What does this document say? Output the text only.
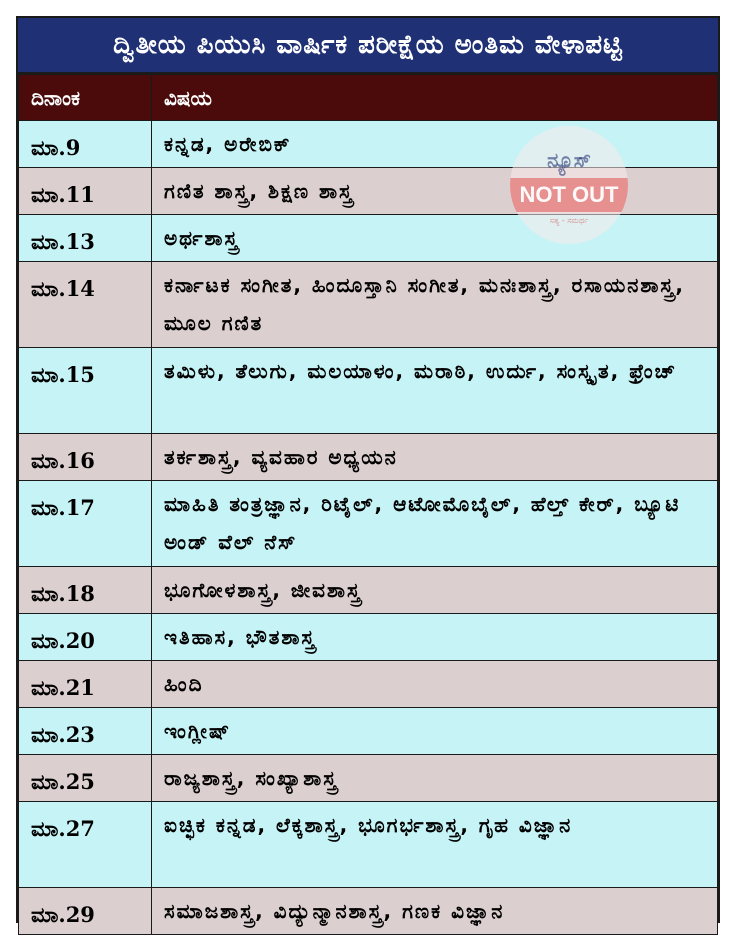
ದ್ವಿತೀಯ ಪಿಯುಸಿ ವಾರ್ಷಿಕ ಪರೀಕ್ಷೆಯ ಅಂತಿಮ ವೇಳಾಪಟ್ಟಿ
ದಿನಾಂಕ	ವಿಷಯ
ಮಾ.9	ಕನ್ನಡ, ಅರೇಬಿಕ್
ಮಾ.11	ಗಣಿತ ಶಾಸ್ತ್ರ, ಶಿಕ್ಷಣ ಶಾಸ್ತ್ರ
ಮಾ.13	ಅರ್ಥಶಾಸ್ತ್ರ
ಮಾ.14	ಕರ್ನಾಟಕ ಸಂಗೀತ, ಹಿಂದೂಸ್ತಾನಿ ಸಂಗೀತ, ಮನಃಶಾಸ್ತ್ರ, ರಸಾಯನಶಾಸ್ತ್ರ, ಮೂಲ ಗಣಿತ
ಮಾ.15	ತಮಿಳು, ತೆಲುಗು, ಮಲಯಾಳಂ, ಮರಾಠಿ, ಉರ್ದು, ಸಂಸ್ಕೃತ, ಫ್ರೆಂಚ್
ಮಾ.16	ತರ್ಕಶಾಸ್ತ್ರ, ವ್ಯವಹಾರ ಅಧ್ಯಯನ
ಮಾ.17	ಮಾಹಿತಿ ತಂತ್ರಜ್ಞಾನ, ರಿಟೈಲ್, ಆಟೋಮೊಬೈಲ್, ಹೆಲ್ತ್ ಕೇರ್, ಬ್ಯೂಟಿ ಅಂಡ್ ವೆಲ್ ನೆಸ್
ಮಾ.18	ಭೂಗೋಳಶಾಸ್ತ್ರ, ಜೀವಶಾಸ್ತ್ರ
ಮಾ.20	ಇತಿಹಾಸ, ಭೌತಶಾಸ್ತ್ರ
ಮಾ.21	ಹಿಂದಿ
ಮಾ.23	ಇಂಗ್ಲೀಷ್
ಮಾ.25	ರಾಜ್ಯಶಾಸ್ತ್ರ, ಸಂಖ್ಯಾಶಾಸ್ತ್ರ
ಮಾ.27	ಐಚ್ಛಿಕ ಕನ್ನಡ, ಲೆಕ್ಕಶಾಸ್ತ್ರ, ಭೂಗರ್ಭಶಾಸ್ತ್ರ, ಗೃಹ ವಿಜ್ಞಾನ
ಮಾ.29	ಸಮಾಜಶಾಸ್ತ್ರ, ವಿದ್ಯುನ್ಮಾನಶಾಸ್ತ್ರ, ಗಣಕ ವಿಜ್ಞಾನ
ನ್ಯೂಸ್
NOT OUT
ಸತ್ಯ - ಸಮರ್ಥ
